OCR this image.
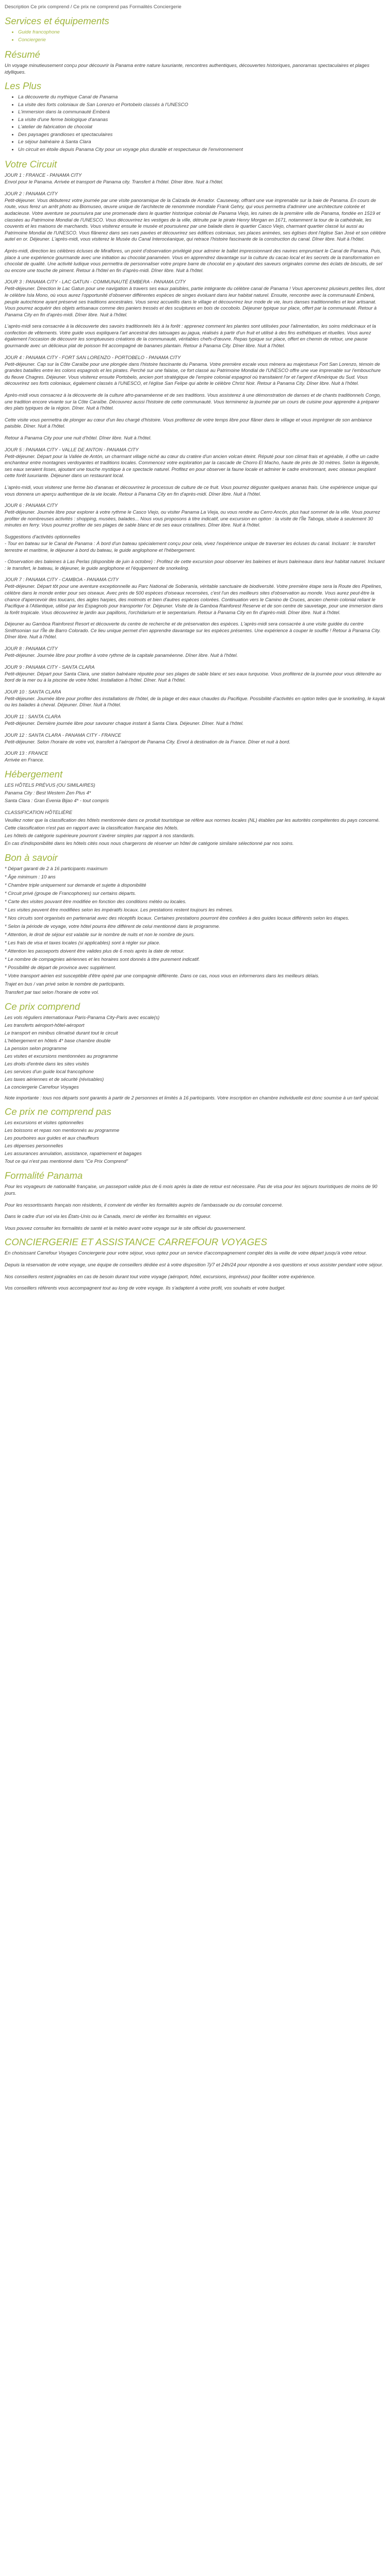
Description Ce prix comprend / Ce prix ne comprend pas Formalités Conciergerie
Services et équipements
• Guide francophone
• Conciergerie
Résumé

Un voyage minutieusement conçu pour découvrir la Panama entre nature luxuriante, rencontres authentiques, découvertes historiques, panoramas spectaculaires et plages idylliques.

Les Plus
• La découverte du mythique Canal de Panama
• La visite des forts coloniaux de San Lorenzo et Portobelo classés à l'UNESCO
• L'immersion dans la communauté Emberá
• La visite d'une ferme biologique d'ananas
• L'atelier de fabrication de chocolat
• Des paysages grandioses et spectaculaires
• Le séjour balnéaire à Santa Clara
• Un circuit en étoile depuis Panama City pour un voyage plus durable et respectueux de l'environnement
Votre Circuit
JOUR 1 : FRANCE - PANAMA CITY

Envol pour le Panama. Arrivée et transport de Panama city. Transfert à l'hôtel. Dîner libre. Nuit à l'hôtel.

JOUR 2 : PANAMA CITY

Petit-déjeuner. Vous débuterez votre journée par une visite panoramique de la Calzada de Amador. Causeway, offrant une vue imprenable sur la baie de Panama. En cours de route, vous ferez un arrêt photo au Biomuseo, œuvre unique de l'architecte de renommée mondiale Frank Gehry, qui vous permettra d'admirer une architecture colorée et audacieuse. Votre aventure se poursuivra par une promenade dans le quartier historique colonial de Panama Viejo, les ruines de la première ville de Panama, fondée en 1519 et classées au Patrimoine Mondial de l'UNESCO. Vous découvrirez les vestiges de la ville, détruite par le pirate Henry Morgan en 1671, notamment la tour de la cathédrale, les couvents et les maisons de marchands. Vous visiterez ensuite le musée et poursuivrez par une balade dans le quartier Casco Viejo, charmant quartier classé lui aussi au Patrimoine Mondial de l'UNESCO. Vous flânerez dans ses rues pavées et découvrirez ses édifices coloniaux, ses places animées, ses églises dont l'église San José et son célèbre autel en or. Déjeuner. L'après-midi, vous visiterez le Musée du Canal Interocéanique, qui retrace l'histoire fascinante de la construction du canal. Dîner libre. Nuit à l'hôtel.

Après-midi, direction les célèbres écluses de Miraflores, un point d'observation privilégié pour admirer le ballet impressionnant des navires empruntant le Canal de Panama. Puis, place à une expérience gourmande avec une initiation au chocolat panaméen. Vous en apprendrez davantage sur la culture du cacao local et les secrets de la transformation en chocolat de qualité. Une activité ludique vous permettra de personnaliser votre propre barre de chocolat en y ajoutant des saveurs originales comme des éclats de biscuits, de sel ou encore une touche de piment. Retour à l'hôtel en fin d'après-midi. Dîner libre. Nuit à l'hôtel.

JOUR 3 : PANAMA CITY - LAC GATUN - COMMUNAUTÉ EMBERA - PANAMA CITY

Petit-déjeuner. Direction le Lac Gatun pour une navigation à travers ses eaux paisibles, partie intégrante du célèbre canal de Panama ! Vous apercevrez plusieurs petites îles, dont le célèbre Isla Mono, où vous aurez l'opportunité d'observer différentes espèces de singes évoluant dans leur habitat naturel. Ensuite, rencontre avec la communauté Emberá, peuple autochtone ayant préservé ses traditions ancestrales. Vous serez accueillis dans le village et découvrirez leur mode de vie, leurs danses traditionnelles et leur artisanat. Vous pourrez acquérir des objets artisanaux comme des paniers tressés et des sculptures en bois de cocobolo. Déjeuner typique sur place, offert par la communauté. Retour à Panama City en fin d'après-midi. Dîner libre. Nuit à l'hôtel.

L'après-midi sera consacrée à la découverte des savoirs traditionnels liés à la forêt : apprenez comment les plantes sont utilisées pour l'alimentation, les soins médicinaux et la confection de vêtements. Votre guide vous expliquera l'art ancestral des tatouages au jagua, réalisés à partir d'un fruit et utilisé à des fins esthétiques et rituelles. Vous aurez également l'occasion de découvrir les somptueuses créations de la communauté, véritables chefs-d'œuvre. Repas typique sur place, offert en chemin de retour, une pause gourmande avec un délicieux plat de poisson frit accompagné de bananes plantain. Retour à Panama City. Dîner libre. Nuit à l'hôtel.

JOUR 4 : PANAMA CITY - FORT SAN LORENZO - PORTOBELO - PANAMA CITY

Petit-déjeuner. Cap sur la Côte Caraïbe pour une plongée dans l'histoire fascinante du Panama. Votre première escale vous mènera au majestueux Fort San Lorenzo, témoin de grandes batailles entre les colons espagnols et les pirates. Perché sur une falaise, ce fort classé au Patrimoine Mondial de l'UNESCO offre une vue imprenable sur l'embouchure du fleuve Chagres. Déjeuner. Vous visiterez ensuite Portobelo, ancien port stratégique de l'empire colonial espagnol où transitaient l'or et l'argent d'Amérique du Sud. Vous découvrirez ses forts coloniaux, également classés à l'UNESCO, et l'église San Felipe qui abrite le célèbre Christ Noir. Retour à Panama City. Dîner libre. Nuit à l'hôtel.

Après-midi vous consacrez à la découverte de la culture afro-panaméenne et de ses traditions. Vous assisterez à une démonstration de danses et de chants traditionnels Congo, une tradition encore vivante sur la Côte Caraïbe. Découvrez aussi l'histoire de cette communauté. Vous terminerez la journée par un cours de cuisine pour apprendre à préparer des plats typiques de la région. Dîner. Nuit à l'hôtel.

Cette visite vous permettra de plonger au cœur d'un lieu chargé d'histoire. Vous profiterez de votre temps libre pour flâner dans le village et vous imprégner de son ambiance paisible. Dîner. Nuit à l'hôtel.

Retour à Panama City pour une nuit d'hôtel. Dîner libre. Nuit à l'hôtel.

JOUR 5 : PANAMA CITY - VALLE DE ANTON - PANAMA CITY

Petit-déjeuner. Départ pour la Vallée de Antón, un charmant village niché au cœur du cratère d'un ancien volcan éteint. Réputé pour son climat frais et agréable, il offre un cadre enchanteur entre montagnes verdoyantes et traditions locales. Commencez votre exploration par la cascade de Chorro El Macho, haute de près de 30 mètres. Selon la légende, ses eaux seraient lisses, ajoutant une touche mystique à ce spectacle naturel. Profitez en pour observer la faune locale et admirer le cadre environnant, avec oiseaux peuplant cette forêt luxuriante. Déjeuner dans un restaurant local.

L'après-midi, vous visiterez une ferme bio d'ananas et découvrirez le processus de culture de ce fruit. Vous pourrez déguster quelques ananas frais. Une expérience unique qui vous donnera un aperçu authentique de la vie locale. Retour à Panama City en fin d'après-midi. Dîner libre. Nuit à l'hôtel.

JOUR 6 : PANAMA CITY

Petit-déjeuner. Journée libre pour explorer à votre rythme le Casco Viejo, ou visiter Panama La Vieja, ou vous rendre au Cerro Ancón, plus haut sommet de la ville. Vous pourrez profiter de nombreuses activités : shopping, musées, balades... Nous vous proposons à titre indicatif, une excursion en option : la visite de l'Île Taboga, située à seulement 30 minutes en ferry. Vous pourrez profiter de ses plages de sable blanc et de ses eaux cristallines. Dîner libre. Nuit à l'hôtel.

Suggestions d'activités optionnelles

- Tour en bateau sur le Canal de Panama : À bord d'un bateau spécialement conçu pour cela, vivez l'expérience unique de traverser les écluses du canal. Incluant : le transfert terrestre et maritime, le déjeuner à bord du bateau, le guide anglophone et l'hébergement.

- Observation des baleines à Las Perlas (disponible de juin à octobre) : Profitez de cette excursion pour observer les baleines et leurs baleineaux dans leur habitat naturel. Incluant : le transfert, le bateau, le déjeuner, le guide anglophone et l'équipement de snorkeling.

JOUR 7 : PANAMA CITY - CAMBOA - PANAMA CITY

Petit-déjeuner. Départ tôt pour une aventure exceptionnelle au Parc National de Soberanía, véritable sanctuaire de biodiversité. Votre première étape sera la Route des Pipelines, célèbre dans le monde entier pour ses oiseaux. Avec près de 500 espèces d'oiseaux recensées, c'est l'un des meilleurs sites d'observation au monde. Vous aurez peut-être la chance d'apercevoir des toucans, des aigles harpies, des motmots et bien d'autres espèces colorées. Continuation vers le Camino de Cruces, ancien chemin colonial reliant le Pacifique à l'Atlantique, utilisé par les Espagnols pour transporter l'or. Déjeuner. Visite de la Gamboa Rainforest Reserve et de son centre de sauvetage, pour une immersion dans la forêt tropicale. Vous découvrirez le jardin aux papillons, l'orchidarium et le serpentarium. Retour à Panama City en fin d'après-midi. Dîner libre. Nuit à l'hôtel.

Déjeuner au Gamboa Rainforest Resort et découverte du centre de recherche et de préservation des espèces. L'après-midi sera consacrée à une visite guidée du centre Smithsonian sur l'Île de Barro Colorado. Ce lieu unique permet d'en apprendre davantage sur les espèces présentes. Une expérience à couper le souffle ! Retour à Panama City. Dîner libre. Nuit à l'hôtel.

JOUR 8 : PANAMA CITY

Petit-déjeuner. Journée libre pour profiter à votre rythme de la capitale panaméenne. Dîner libre. Nuit à l'hôtel.

JOUR 9 : PANAMA CITY - SANTA CLARA

Petit-déjeuner. Départ pour Santa Clara, une station balnéaire réputée pour ses plages de sable blanc et ses eaux turquoise. Vous profiterez de la journée pour vous détendre au bord de la mer ou à la piscine de votre hôtel. Installation à l'hôtel. Dîner. Nuit à l'hôtel.

JOUR 10 : SANTA CLARA

Petit-déjeuner. Journée libre pour profiter des installations de l'hôtel, de la plage et des eaux chaudes du Pacifique. Possibilité d'activités en option telles que le snorkeling, le kayak ou les balades à cheval. Déjeuner. Dîner. Nuit à l'hôtel.

JOUR 11 : SANTA CLARA

Petit-déjeuner. Dernière journée libre pour savourer chaque instant à Santa Clara. Déjeuner. Dîner. Nuit à l'hôtel.

JOUR 12 : SANTA CLARA - PANAMA CITY - FRANCE

Petit-déjeuner. Selon l'horaire de votre vol, transfert à l'aéroport de Panama City. Envol à destination de la France. Dîner et nuit à bord.

JOUR 13 : FRANCE

Arrivée en France.

Hébergement
LES HÔTELS PRÉVUS (OU SIMILAIRES)
Panama City : Best Western Zen Plus 4*
Santa Clara : Gran Evenia Bijao 4* - tout compris
CLASSIFICATION HÔTELIÈRE
Veuillez noter que la classification des hôtels mentionnée dans ce produit touristique se réfère aux normes locales (NL) établies par les autorités compétentes du pays concerné.
Cette classification n'est pas en rapport avec la classification française des hôtels.
Les hôtels de catégorie supérieure pourront s'avérer simples par rapport à nos standards.
En cas d'indisponibilité dans les hôtels cités nous nous chargerons de réserver un hôtel de catégorie similaire sélectionné par nos soins.
Bon à savoir
* Départ garanti de 2 à 16 participants maximum
* Âge minimum : 10 ans
* Chambre triple uniquement sur demande et sujette à disponibilité
* Circuit privé (groupe de Francophones) sur certains départs.
* Carte des visites pouvant être modifiée en fonction des conditions météo ou locales.
* Les visites peuvent être modifiées selon les impératifs locaux. Les prestations restent toujours les mêmes.
* Nos circuits sont organisés en partenariat avec des réceptifs locaux. Certaines prestations pourront être confiées à des guides locaux différents selon les étapes.
* Selon la période de voyage, votre hôtel pourra être différent de celui mentionné dans le programme.
* Attention, le droit de séjour est valable sur le nombre de nuits et non le nombre de jours.
* Les frais de visa et taxes locales (si applicables) sont à régler sur place.
* Attention les passeports doivent être valides plus de 6 mois après la date de retour.
* Le nombre de compagnies aériennes et les horaires sont donnés à titre purement indicatif.
* Possibilité de départ de province avec supplément.
* Votre transport aérien est susceptible d'être opéré par une compagnie différente. Dans ce cas, nous vous en informerons dans les meilleurs délais.
Trajet en bus / van privé selon le nombre de participants.
Transfert par taxi selon l'horaire de votre vol.
Ce prix comprend
Les vols réguliers internationaux Paris-Panama City-Paris avec escale(s)
Les transferts aéroport-hôtel-aéroport
Le transport en minibus climatisé durant tout le circuit
L'hébergement en hôtels 4* base chambre double
La pension selon programme
Les visites et excursions mentionnées au programme
Les droits d'entrée dans les sites visités
Les services d'un guide local francophone
Les taxes aériennes et de sécurité (révisables)
La conciergerie Carrefour Voyages

Note importante : tous nos départs sont garantis à partir de 2 personnes et limités à 16 participants. Votre inscription en chambre individuelle est donc soumise à un tarif spécial.

Ce prix ne comprend pas
Les excursions et visites optionnelles
Les boissons et repas non mentionnés au programme
Les pourboires aux guides et aux chauffeurs
Les dépenses personnelles
Les assurances annulation, assistance, rapatriement et bagages
Tout ce qui n'est pas mentionné dans "Ce Prix Comprend"
Formalité Panama

Pour les voyageurs de nationalité française, un passeport valide plus de 6 mois après la date de retour est nécessaire. Pas de visa pour les séjours touristiques de moins de 90 jours.

Pour les ressortissants français non résidents, il convient de vérifier les formalités auprès de l'ambassade ou du consulat concerné.

Dans le cadre d'un vol via les États-Unis ou le Canada, merci de vérifier les formalités en vigueur.

Vous pouvez consulter les formalités de santé et la météo avant votre voyage sur le site officiel du gouvernement.

CONCIERGERIE ET ASSISTANCE CARREFOUR VOYAGES

En choisissant Carrefour Voyages Conciergerie pour votre séjour, vous optez pour un service d'accompagnement complet dès la veille de votre départ jusqu'à votre retour.

Depuis la réservation de votre voyage, une équipe de conseillers dédiée est à votre disposition 7j/7 et 24h/24 pour répondre à vos questions et vous assister pendant votre séjour.

Nos conseillers restent joignables en cas de besoin durant tout votre voyage (aéroport, hôtel, excursions, imprévus) pour faciliter votre expérience.

Vos conseillers référents vous accompagnent tout au long de votre voyage. Ils s'adaptent à votre profil, vos souhaits et votre budget.
